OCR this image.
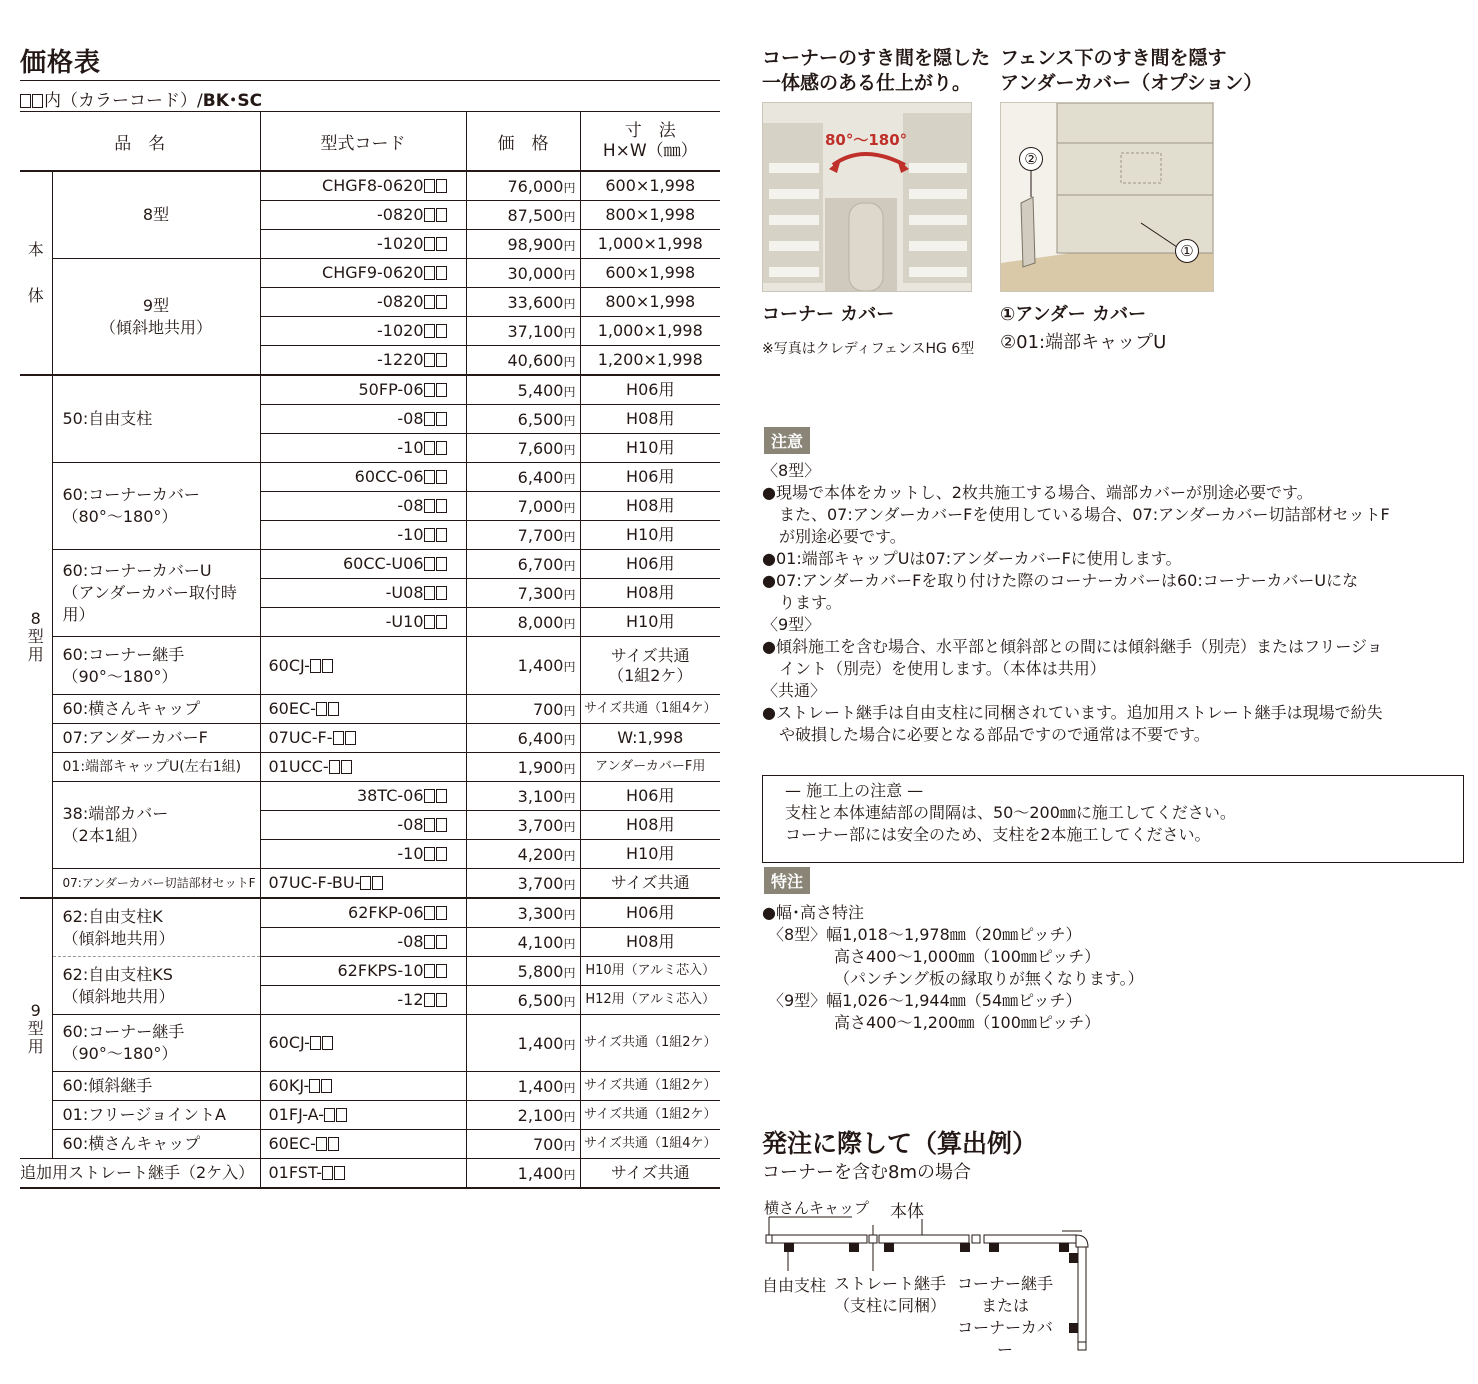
価格表
内（カラーコード）/BK･SC
品　名		型式コード	価　格	寸　法
H×W（㎜）

本体	8型	CHGF8-0620	76,000円	600×1,998
		-0820	87,500円	800×1,998
		-1020	98,900円	1,000×1,998

	9型
（傾斜地共用）	CHGF9-0620	30,000円	600×1,998
		-0820	33,600円	800×1,998
		-1020	37,100円	1,000×1,998
		-1220	40,600円	1,200×1,998

8型用	50:自由支柱	50FP-06	5,400円	H06用
		-08	6,500円	H08用
		-10	7,600円	H10用

	60:コーナーカバー
（80°〜180°）	60CC-06	6,400円	H06用
		-08	7,000円	H08用
		-10	7,700円	H10用

	60:コーナーカバーU
（アンダーカバー取付時用）	60CC-U06	6,700円	H06用
		-U08	7,300円	H08用
		-U10	8,000円	H10用

	60:コーナー継手
（90°〜180°）	60CJ-	1,400円	サイズ共通
（1組2ケ）

	60:横さんキャップ	60EC-	700円	サイズ共通（1組4ケ）
	07:アンダーカバーF	07UC-F-	6,400円	W:1,998
	01:端部キャップU(左右1組)	01UCC-	1,900円	アンダーカバーF用

	38:端部カバー
（2本1組）	38TC-06	3,100円	H06用
		-08	3,700円	H08用
		-10	4,200円	H10用
	07:アンダーカバー切詰部材セットF	07UC-F-BU-	3,700円	サイズ共通

9型用	62:自由支柱K
（傾斜地共用）	62FKP-06	3,300円	H06用
		-08	4,100円	H08用

	62:自由支柱KS
（傾斜地共用）	62FKPS-10	5,800円	H10用（アルミ芯入）
		-12	6,500円	H12用（アルミ芯入）

	60:コーナー継手
（90°〜180°）	60CJ-	1,400円	サイズ共通（1組2ケ）
	60:傾斜継手	60KJ-	1,400円	サイズ共通（1組2ケ）
	01:フリージョイントA	01FJ-A-	2,100円	サイズ共通（1組2ケ）
	60:横さんキャップ	60EC-	700円	サイズ共通（1組4ケ）
追加用ストレート継手（2ケ入）		01FST-	1,400円	サイズ共通
コーナーのすき間を隠した
一体感のある仕上がり。
フェンス下のすき間を隠す
アンダーカバー（オプション）
80°〜180°
②
①
コーナー カバー
※写真はクレディフェンスHG 6型
①アンダー カバー
②01:端部キャップU
注意

〈8型〉

●現場で本体をカットし、2枚共施工する場合、端部カバーが別途必要です。

また、07:アンダーカバーFを使用している場合、07:アンダーカバー切詰部材セットF

が別途必要です。

●01:端部キャップUは07:アンダーカバーFに使用します。

●07:アンダーカバーFを取り付けた際のコーナーカバーは60:コーナーカバーUにな

ります。

〈9型〉

●傾斜施工を含む場合、水平部と傾斜部との間には傾斜継手（別売）またはフリージョ

イント（別売）を使用します。（本体は共用）

〈共通〉

●ストレート継手は自由支柱に同梱されています。追加用ストレート継手は現場で紛失

や破損した場合に必要となる部品ですので通常は不要です。

— 施工上の注意 —
支柱と本体連結部の間隔は、50〜200㎜に施工してください。
コーナー部には安全のため、支柱を2本施工してください。
特注

●幅･高さ特注

〈8型〉幅1,018〜1,978㎜（20㎜ピッチ）

高さ400〜1,000㎜（100㎜ピッチ）

（パンチング板の縁取りが無くなります。）

〈9型〉幅1,026〜1,944㎜（54㎜ピッチ）

高さ400〜1,200㎜（100㎜ピッチ）

発注に際して（算出例）
コーナーを含む8mの場合
横さんキャップ 本体
自由支柱 ストレート継手
（支柱に同梱）
コーナー継手
または
コーナーカバー
